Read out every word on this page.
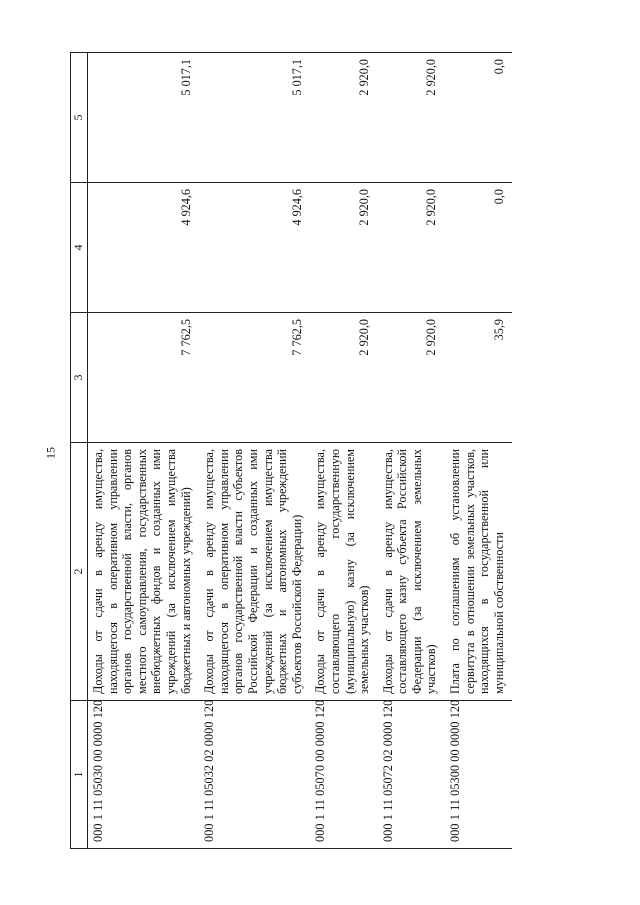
15
1	2	3	4	5
000 1 11 05030 00 0000 120	Доходы от сдачи в аренду имущества, находящегося в оперативном управлении органов государственной власти, органов местного самоуправления, государственных внебюджетных фондов и созданных ими учреждений (за исключением имущества бюджетных и автономных учреждений)	7 762,5	4 924,6	5 017,1
000 1 11 05032 02 0000 120	Доходы от сдачи в аренду имущества, находящегося в оперативном управлении органов государственной власти субъектов Российской Федерации и созданных ими учреждений (за исключением имущества бюджетных и автономных учреждений субъектов Российской Федерации)	7 762,5	4 924,6	5 017,1
000 1 11 05070 00 0000 120	Доходы от сдачи в аренду имущества, составляющего государственную (муниципальную) казну (за исключением земельных участков)	2 920,0	2 920,0	2 920,0
000 1 11 05072 02 0000 120	Доходы от сдачи в аренду имущества, составляющего казну субъекта Российской Федерации (за исключением земельных участков)	2 920,0	2 920,0	2 920,0
000 1 11 05300 00 0000 120	Плата по соглашениям об установлении сервитута в отношении земельных участков, находящихся в государственной или муниципальной собственности	35,9	0,0	0,0
